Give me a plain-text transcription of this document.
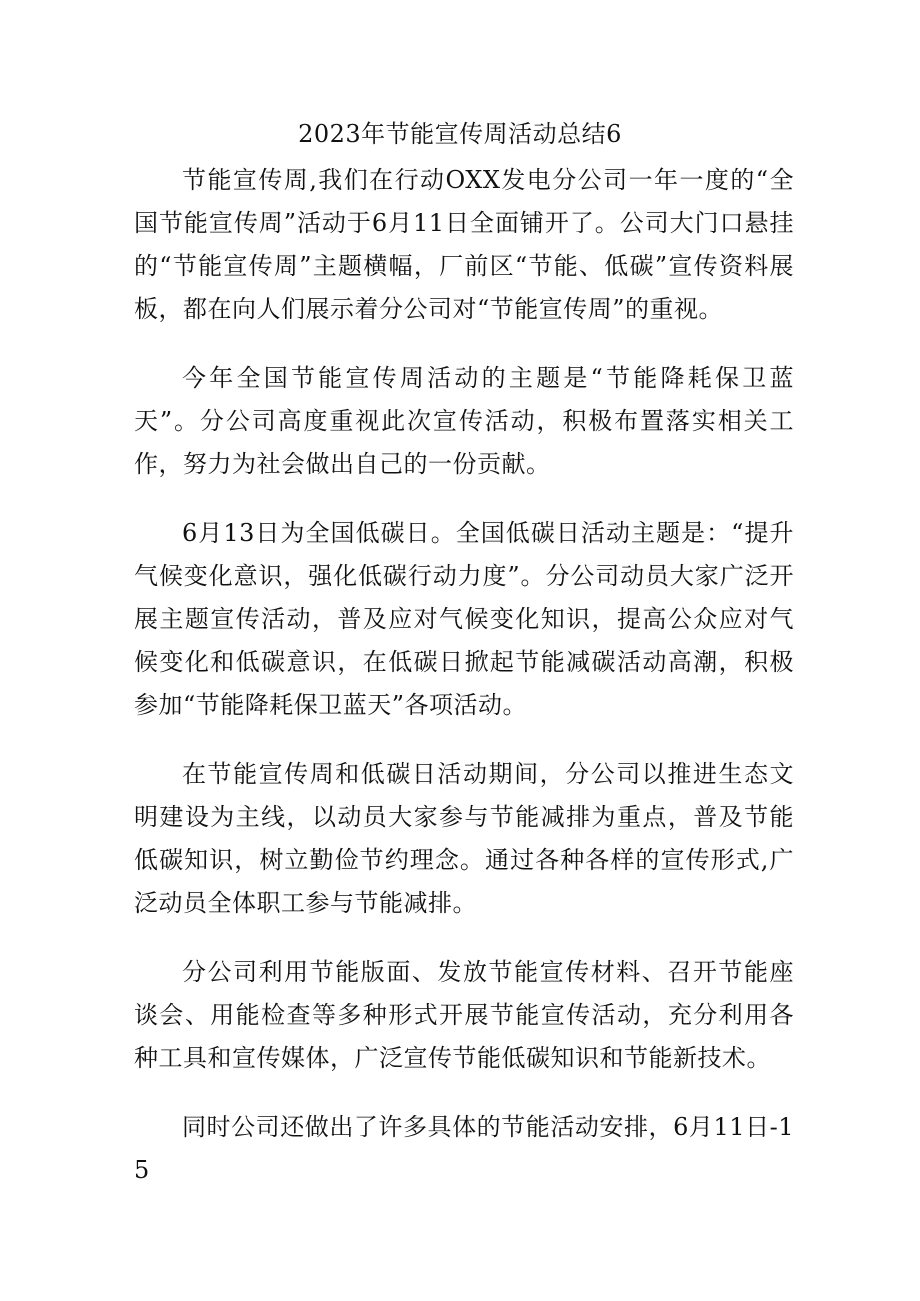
2023年节能宣传周活动总结6

节能宣传周,我们在行动OXX发电分公司一年一度的“全国节能宣传周”活动于6月11日全面铺开了。公司大门口悬挂的“节能宣传周”主题横幅，厂前区“节能、低碳”宣传资料展板，都在向人们展示着分公司对“节能宣传周”的重视。

今年全国节能宣传周活动的主题是“节能降耗保卫蓝天”。分公司高度重视此次宣传活动，积极布置落实相关工作，努力为社会做出自己的一份贡献。

6月13日为全国低碳日。全国低碳日活动主题是：“提升气候变化意识，强化低碳行动力度”。分公司动员大家广泛开展主题宣传活动，普及应对气候变化知识，提高公众应对气候变化和低碳意识，在低碳日掀起节能减碳活动高潮，积极参加“节能降耗保卫蓝天”各项活动。

在节能宣传周和低碳日活动期间，分公司以推进生态文明建设为主线，以动员大家参与节能减排为重点，普及节能低碳知识，树立勤俭节约理念。通过各种各样的宣传形式,广泛动员全体职工参与节能减排。

分公司利用节能版面、发放节能宣传材料、召开节能座谈会、用能检查等多种形式开展节能宣传活动，充分利用各种工具和宣传媒体，广泛宣传节能低碳知识和节能新技术。

同时公司还做出了许多具体的节能活动安排，6月11日-15
